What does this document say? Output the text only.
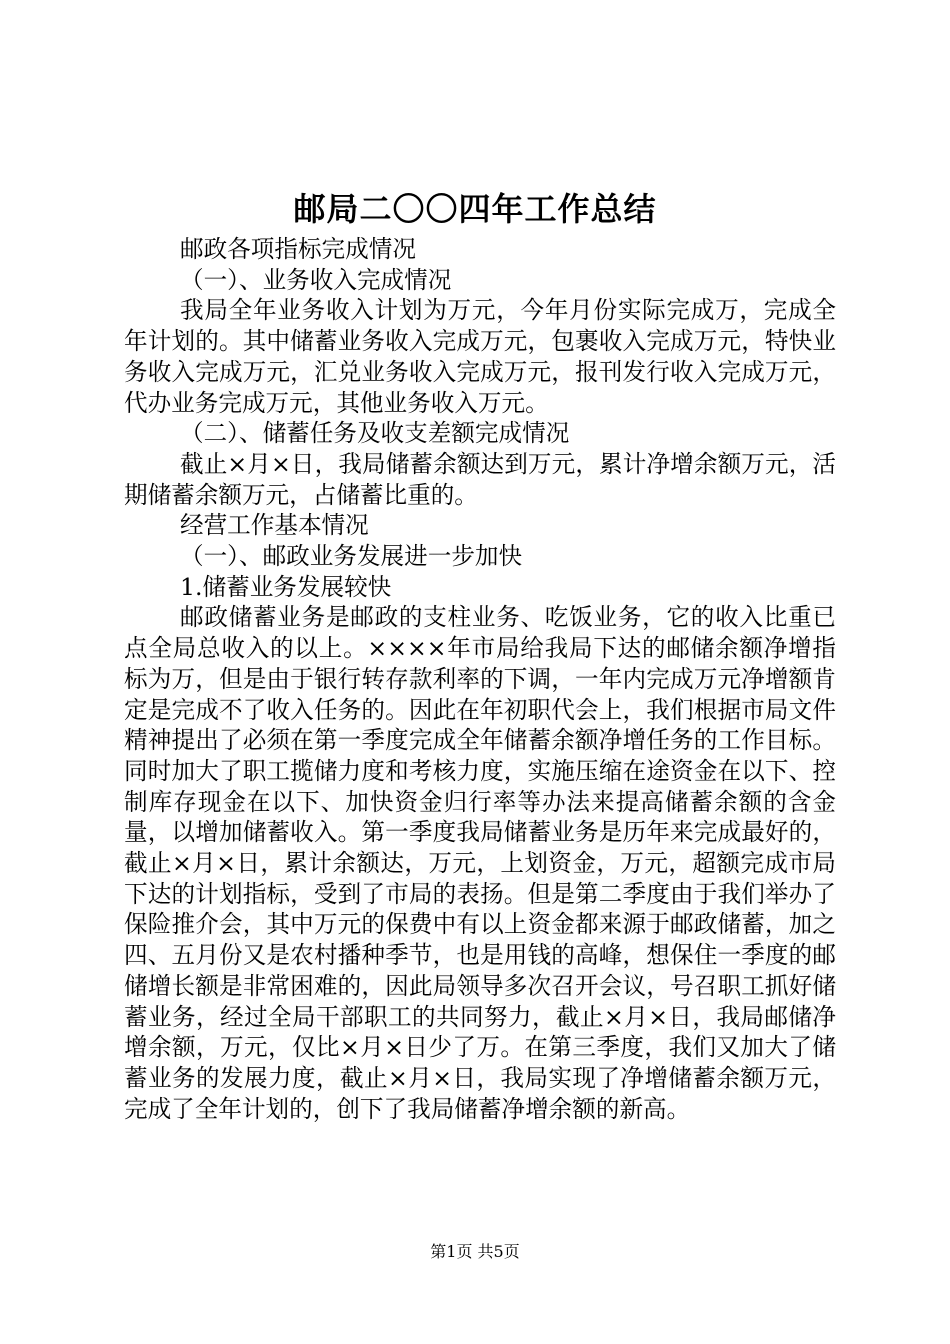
邮局二〇〇四年工作总结

邮政各项指标完成情况

（一）、业务收入完成情况

我局全年业务收入计划为万元，今年月份实际完成万，完成全年计划的。其中储蓄业务收入完成万元，包裹收入完成万元，特快业务收入完成万元，汇兑业务收入完成万元，报刊发行收入完成万元，代办业务完成万元，其他业务收入万元。

（二）、储蓄任务及收支差额完成情况

截止×月×日，我局储蓄余额达到万元，累计净增余额万元，活期储蓄余额万元，占储蓄比重的。

经营工作基本情况

（一）、邮政业务发展进一步加快

1.储蓄业务发展较快

邮政储蓄业务是邮政的支柱业务、吃饭业务，它的收入比重已点全局总收入的以上。××××年市局给我局下达的邮储余额净增指标为万，但是由于银行转存款利率的下调，一年内完成万元净增额肯定是完成不了收入任务的。因此在年初职代会上，我们根据市局文件精神提出了必须在第一季度完成全年储蓄余额净增任务的工作目标。同时加大了职工揽储力度和考核力度，实施压缩在途资金在以下、控制库存现金在以下、加快资金归行率等办法来提高储蓄余额的含金量，以增加储蓄收入。第一季度我局储蓄业务是历年来完成最好的，截止×月×日，累计余额达，万元，上划资金，万元，超额完成市局下达的计划指标，受到了市局的表扬。但是第二季度由于我们举办了保险推介会，其中万元的保费中有以上资金都来源于邮政储蓄，加之四、五月份又是农村播种季节，也是用钱的高峰，想保住一季度的邮储增长额是非常困难的，因此局领导多次召开会议，号召职工抓好储蓄业务，经过全局干部职工的共同努力，截止×月×日，我局邮储净增余额，万元，仅比×月×日少了万。在第三季度，我们又加大了储蓄业务的发展力度，截止×月×日，我局实现了净增储蓄余额万元，完成了全年计划的，创下了我局储蓄净增余额的新高。

第1页 共5页
